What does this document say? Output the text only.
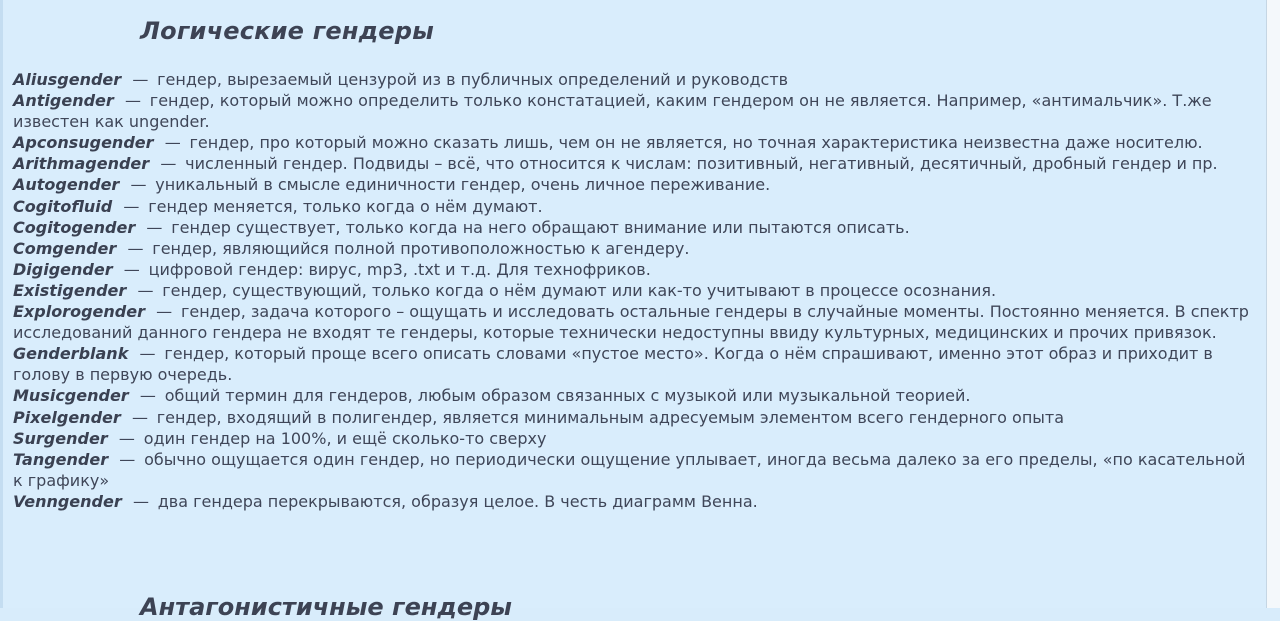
Логические гендеры

Aliusgender — гендер, вырезаемый цензурой из в публичных определений и руководств

Antigender — гендер, который можно определить только констатацией, каким гендером он не является. Например, «антимальчик». Т.же известен как ungender.

Apconsugender — гендер, про который можно сказать лишь, чем он не является, но точная характеристика неизвестна даже носителю.

Arithmagender — численный гендер. Подвиды – всё, что относится к числам: позитивный, негативный, десятичный, дробный гендер и пр.

Autogender — уникальный в смысле единичности гендер, очень личное переживание.

Cogitofluid — гендер меняется, только когда о нём думают.

Cogitogender — гендер существует, только когда на него обращают внимание или пытаются описать.

Comgender — гендер, являющийся полной противоположностью к агендеру.

Digigender — цифровой гендер: вирус, mp3, .txt и т.д. Для технофриков.

Existigender — гендер, существующий, только когда о нём думают или как-то учитывают в процессе осознания.

Explorogender — гендер, задача которого – ощущать и исследовать остальные гендеры в случайные моменты. Постоянно меняется. В спектр исследований данного гендера не входят те гендеры, которые технически недоступны ввиду культурных, медицинских и прочих привязок.

Genderblank — гендер, который проще всего описать словами «пустое место». Когда о нём спрашивают, именно этот образ и приходит в голову в первую очередь.

Musicgender — общий термин для гендеров, любым образом связанных с музыкой или музыкальной теорией.

Pixelgender — гендер, входящий в полигендер, является минимальным адресуемым элементом всего гендерного опыта

Surgender — один гендер на 100%, и ещё сколько-то сверху

Tangender — обычно ощущается один гендер, но периодически ощущение уплывает, иногда весьма далеко за его пределы, «по касательной к графику»

Venngender — два гендера перекрываются, образуя целое. В честь диаграмм Венна.

Антагонистичные гендеры
